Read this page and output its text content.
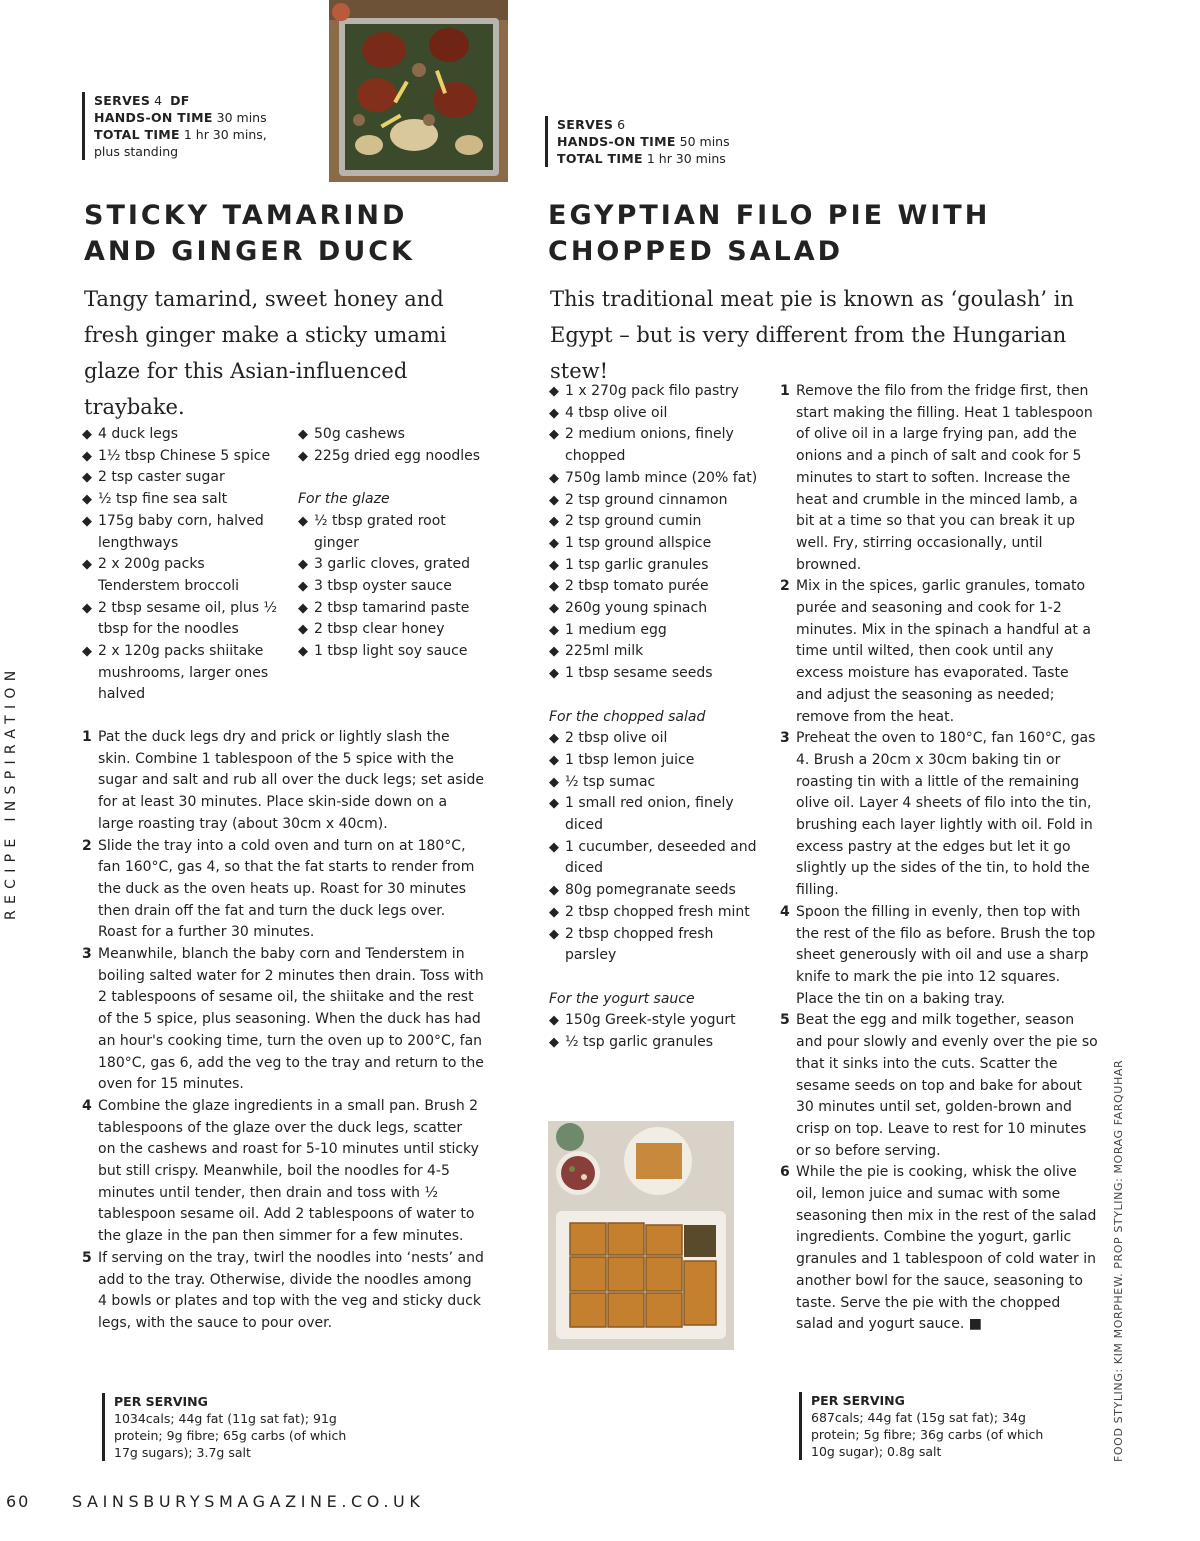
SERVES 4 DF
HANDS-ON TIME 30 mins
TOTAL TIME 1 hr 30 mins,
plus standing
SERVES 6
HANDS-ON TIME 50 mins
TOTAL TIME 1 hr 30 mins
STICKY TAMARIND
AND GINGER DUCK
EGYPTIAN FILO PIE WITH
CHOPPED SALAD

Tangy tamarind, sweet honey and fresh ginger make a sticky umami glaze for this Asian-influenced traybake.

This traditional meat pie is known as ‘goulash’ in Egypt – but is very different from the Hungarian stew!

◆ 4 duck legs
◆ 1½ tbsp Chinese 5 spice
◆ 2 tsp caster sugar
◆ ½ tsp fine sea salt
◆ 175g baby corn, halved lengthways
◆ 2 x 200g packs Tenderstem broccoli
◆ 2 tbsp sesame oil, plus ½ tbsp for the noodles
◆ 2 x 120g packs shiitake mushrooms, larger ones halved
◆ 50g cashews
◆ 225g dried egg noodles

For the glaze

◆ ½ tbsp grated root ginger
◆ 3 garlic cloves, grated
◆ 3 tbsp oyster sauce
◆ 2 tbsp tamarind paste
◆ 2 tbsp clear honey
◆ 1 tbsp light soy sauce
1 Pat the duck legs dry and prick or lightly slash the skin. Combine 1 tablespoon of the 5 spice with the sugar and salt and rub all over the duck legs; set aside for at least 30 minutes. Place skin-side down on a large roasting tray (about 30cm x 40cm).
2 Slide the tray into a cold oven and turn on at 180°C, fan 160°C, gas 4, so that the fat starts to render from the duck as the oven heats up. Roast for 30 minutes then drain off the fat and turn the duck legs over. Roast for a further 30 minutes.
3 Meanwhile, blanch the baby corn and Tenderstem in boiling salted water for 2 minutes then drain. Toss with 2 tablespoons of sesame oil, the shiitake and the rest of the 5 spice, plus seasoning. When the duck has had an hour's cooking time, turn the oven up to 200°C, fan 180°C, gas 6, add the veg to the tray and return to the oven for 15 minutes.
4 Combine the glaze ingredients in a small pan. Brush 2 tablespoons of the glaze over the duck legs, scatter on the cashews and roast for 5-10 minutes until sticky but still crispy. Meanwhile, boil the noodles for 4-5 minutes until tender, then drain and toss with ½ tablespoon sesame oil. Add 2 tablespoons of water to the glaze in the pan then simmer for a few minutes.
5 If serving on the tray, twirl the noodles into ‘nests’ and add to the tray. Otherwise, divide the noodles among 4 bowls or plates and top with the veg and sticky duck legs, with the sauce to pour over.
◆ 1 x 270g pack filo pastry
◆ 4 tbsp olive oil
◆ 2 medium onions, finely chopped
◆ 750g lamb mince (20% fat)
◆ 2 tsp ground cinnamon
◆ 2 tsp ground cumin
◆ 1 tsp ground allspice
◆ 1 tsp garlic granules
◆ 2 tbsp tomato purée
◆ 260g young spinach
◆ 1 medium egg
◆ 225ml milk
◆ 1 tbsp sesame seeds

For the chopped salad

◆ 2 tbsp olive oil
◆ 1 tbsp lemon juice
◆ ½ tsp sumac
◆ 1 small red onion, finely diced
◆ 1 cucumber, deseeded and diced
◆ 80g pomegranate seeds
◆ 2 tbsp chopped fresh mint
◆ 2 tbsp chopped fresh parsley

For the yogurt sauce

◆ 150g Greek-style yogurt
◆ ½ tsp garlic granules
1 Remove the filo from the fridge first, then start making the filling. Heat 1 tablespoon of olive oil in a large frying pan, add the onions and a pinch of salt and cook for 5 minutes to start to soften. Increase the heat and crumble in the minced lamb, a bit at a time so that you can break it up well. Fry, stirring occasionally, until browned.
2 Mix in the spices, garlic granules, tomato purée and seasoning and cook for 1-2 minutes. Mix in the spinach a handful at a time until wilted, then cook until any excess moisture has evaporated. Taste and adjust the seasoning as needed; remove from the heat.
3 Preheat the oven to 180°C, fan 160°C, gas 4. Brush a 20cm x 30cm baking tin or roasting tin with a little of the remaining olive oil. Layer 4 sheets of filo into the tin, brushing each layer lightly with oil. Fold in excess pastry at the edges but let it go slightly up the sides of the tin, to hold the filling.
4 Spoon the filling in evenly, then top with the rest of the filo as before. Brush the top sheet generously with oil and use a sharp knife to mark the pie into 12 squares. Place the tin on a baking tray.
5 Beat the egg and milk together, season and pour slowly and evenly over the pie so that it sinks into the cuts. Scatter the sesame seeds on top and bake for about 30 minutes until set, golden-brown and crisp on top. Leave to rest for 10 minutes or so before serving.
6 While the pie is cooking, whisk the olive oil, lemon juice and sumac with some seasoning then mix in the rest of the salad ingredients. Combine the yogurt, garlic granules and 1 tablespoon of cold water in another bowl for the sauce, seasoning to taste. Serve the pie with the chopped salad and yogurt sauce. ■
PER SERVING
1034cals; 44g fat (11g sat fat); 91g protein; 9g fibre; 65g carbs (of which 17g sugars); 3.7g salt
PER SERVING
687cals; 44g fat (15g sat fat); 34g protein; 5g fibre; 36g carbs (of which 10g sugar); 0.8g salt
RECIPE INSPIRATION
FOOD STYLING: KIM MORPHEW. PROP STYLING: MORAG FARQUHAR
60	SAINSBURYSMAGAZINE.CO.UK
